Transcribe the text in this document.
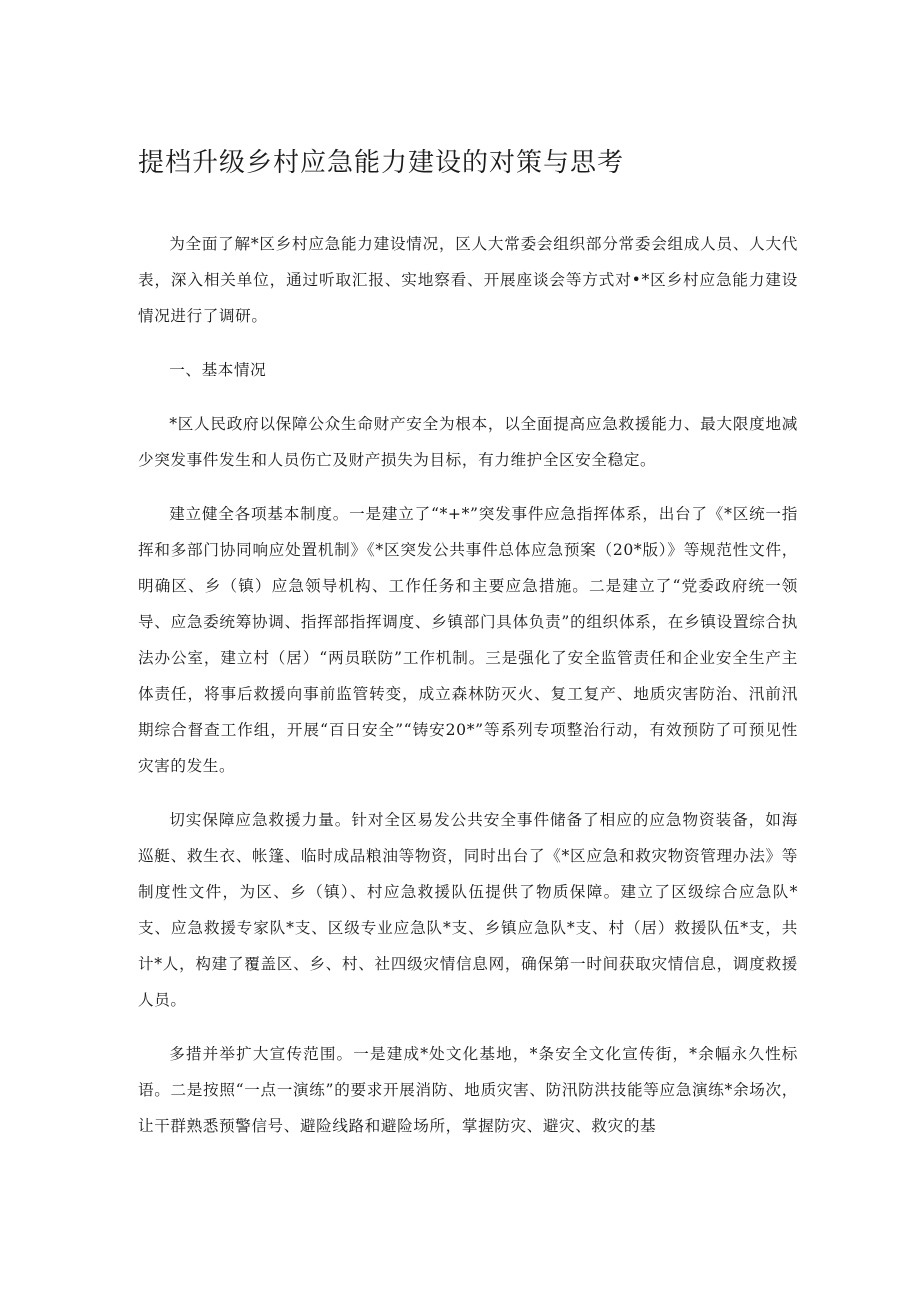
提档升级乡村应急能力建设的对策与思考

为全面了解*区乡村应急能力建设情况，区人大常委会组织部分常委会组成人员、人大代表，深入相关单位，通过听取汇报、实地察看、开展座谈会等方式对•*区乡村应急能力建设情况进行了调研。

一、基本情况

*区人民政府以保障公众生命财产安全为根本，以全面提高应急救援能力、最大限度地减少突发事件发生和人员伤亡及财产损失为目标，有力维护全区安全稳定。

建立健全各项基本制度。一是建立了“*+*”突发事件应急指挥体系，出台了《*区统一指挥和多部门协同响应处置机制》《*区突发公共事件总体应急预案（20*版）》等规范性文件，明确区、乡（镇）应急领导机构、工作任务和主要应急措施。二是建立了“党委政府统一领导、应急委统筹协调、指挥部指挥调度、乡镇部门具体负责”的组织体系，在乡镇设置综合执法办公室，建立村（居）“两员联防”工作机制。三是强化了安全监管责任和企业安全生产主体责任，将事后救援向事前监管转变，成立森林防灭火、复工复产、地质灾害防治、汛前汛期综合督查工作组，开展“百日安全”“铸安20*”等系列专项整治行动，有效预防了可预见性灾害的发生。

切实保障应急救援力量。针对全区易发公共安全事件储备了相应的应急物资装备，如海巡艇、救生衣、帐篷、临时成品粮油等物资，同时出台了《*区应急和救灾物资管理办法》等制度性文件，为区、乡（镇）、村应急救援队伍提供了物质保障。建立了区级综合应急队*支、应急救援专家队*支、区级专业应急队*支、乡镇应急队*支、村（居）救援队伍*支，共计*人，构建了覆盖区、乡、村、社四级灾情信息网，确保第一时间获取灾情信息，调度救援人员。

多措并举扩大宣传范围。一是建成*处文化基地，*条安全文化宣传街，*余幅永久性标语。二是按照“一点一演练”的要求开展消防、地质灾害、防汛防洪技能等应急演练*余场次，让干群熟悉预警信号、避险线路和避险场所，掌握防灾、避灾、救灾的基
